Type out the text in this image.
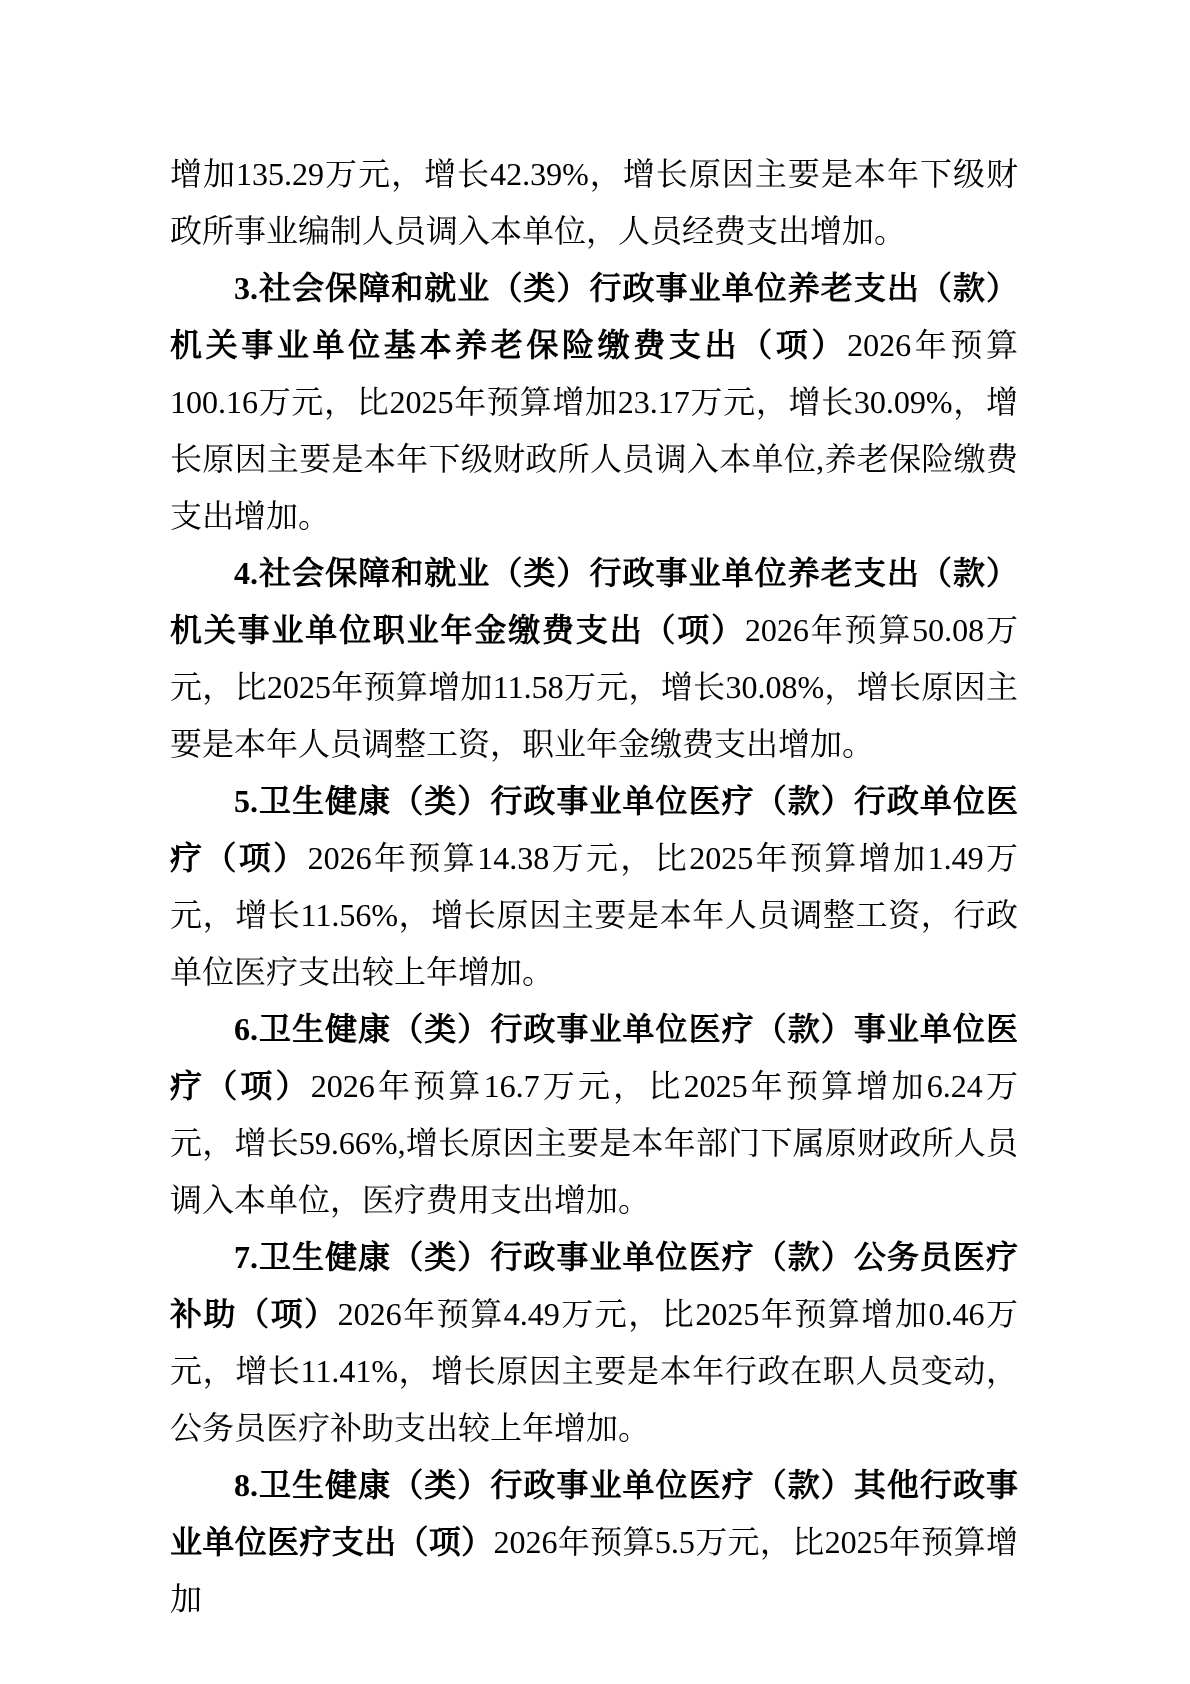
增加135.29万元，增长42.39%，增长原因主要是本年下级财政所事业编制人员调入本单位，人员经费支出增加。

3.社会保障和就业（类）行政事业单位养老支出（款）机关事业单位基本养老保险缴费支出（项）2026年预算100.16万元，比2025年预算增加23.17万元，增长30.09%，增长原因主要是本年下级财政所人员调入本单位,养老保险缴费支出增加。

4.社会保障和就业（类）行政事业单位养老支出（款）机关事业单位职业年金缴费支出（项）2026年预算50.08万元，比2025年预算增加11.58万元，增长30.08%，增长原因主要是本年人员调整工资，职业年金缴费支出增加。

5.卫生健康（类）行政事业单位医疗（款）行政单位医疗（项）2026年预算14.38万元，比2025年预算增加1.49万元，增长11.56%，增长原因主要是本年人员调整工资，行政单位医疗支出较上年增加。

6.卫生健康（类）行政事业单位医疗（款）事业单位医疗（项）2026年预算16.7万元，比2025年预算增加6.24万元，增长59.66%,增长原因主要是本年部门下属原财政所人员调入本单位，医疗费用支出增加。

7.卫生健康（类）行政事业单位医疗（款）公务员医疗补助（项）2026年预算4.49万元，比2025年预算增加0.46万元，增长11.41%，增长原因主要是本年行政在职人员变动，公务员医疗补助支出较上年增加。

8.卫生健康（类）行政事业单位医疗（款）其他行政事业单位医疗支出（项）2026年预算5.5万元，比2025年预算增加
